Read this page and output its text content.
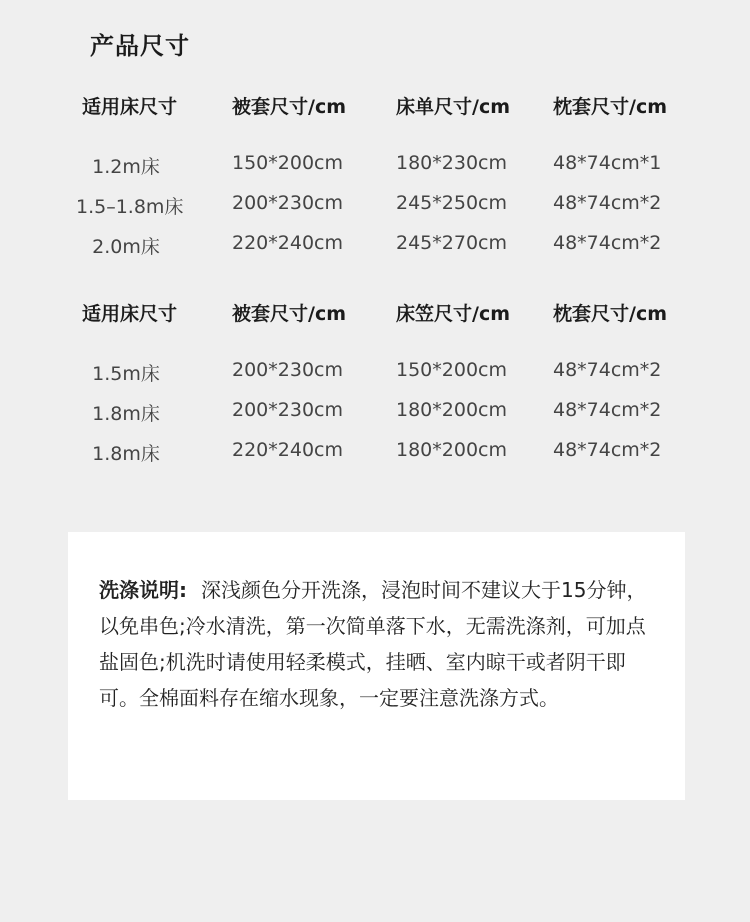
产品尺寸
适用床尺寸	被套尺寸/cm	床单尺寸/cm 枕套尺寸/cm
1.2m床	150*200cm	180*230cm 48*74cm*1
1.5–1.8m床	200*230cm	245*250cm 48*74cm*2
2.0m床	220*240cm	245*270cm 48*74cm*2
适用床尺寸	被套尺寸/cm	床笠尺寸/cm 枕套尺寸/cm
1.5m床	200*230cm	150*200cm 48*74cm*2
1.8m床	200*230cm	180*200cm 48*74cm*2
1.8m床	220*240cm	180*200cm 48*74cm*2
洗涤说明: 深浅颜色分开洗涤，浸泡时间不建议大于15分钟，以免串色;冷水清洗，第一次简单落下水，无需洗涤剂，可加点盐固色;机洗时请使用轻柔模式，挂晒、室内晾干或者阴干即可。全棉面料存在缩水现象，一定要注意洗涤方式。
